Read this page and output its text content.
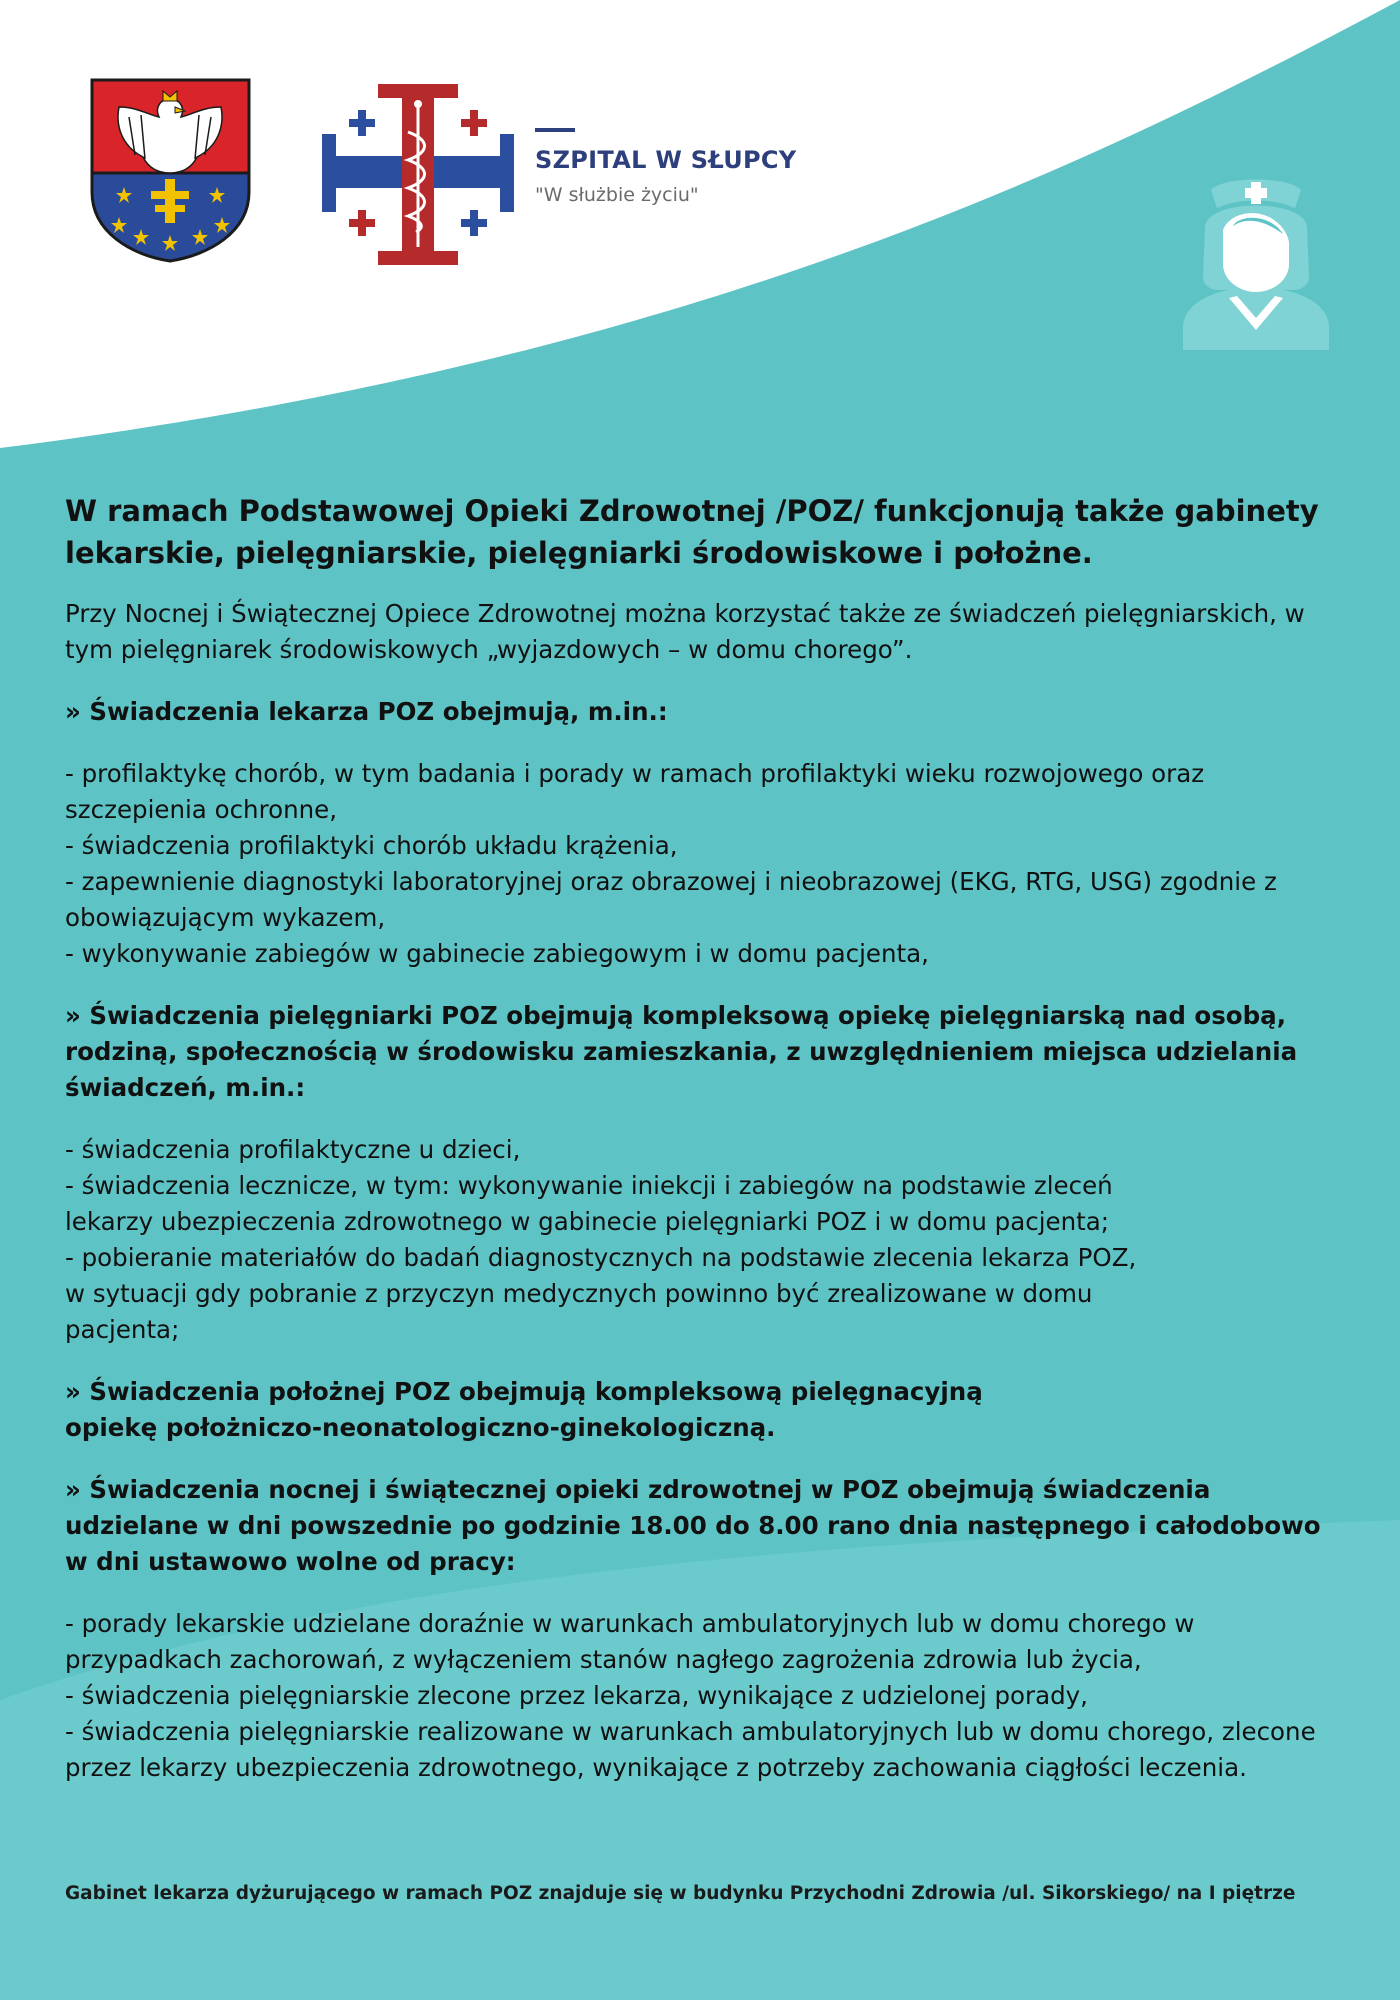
SZPITAL W SŁUPCY
"W służbie życiu"

W ramach Podstawowej Opieki Zdrowotnej /POZ/ funkcjonują także gabinety lekarskie, pielęgniarskie, pielęgniarki środowiskowe i położne.

Przy Nocnej i Świątecznej Opiece Zdrowotnej można korzystać także ze świadczeń pielęgniarskich, w tym pielęgniarek środowiskowych „wyjazdowych – w domu chorego”.

» Świadczenia lekarza POZ obejmują, m.in.:

- profilaktykę chorób, w tym badania i porady w ramach profilaktyki wieku rozwojowego oraz szczepienia ochronne,
- świadczenia profilaktyki chorób układu krążenia,
- zapewnienie diagnostyki laboratoryjnej oraz obrazowej i nieobrazowej (EKG, RTG, USG) zgodnie z obowiązującym wykazem,
- wykonywanie zabiegów w gabinecie zabiegowym i w domu pacjenta,

» Świadczenia pielęgniarki POZ obejmują kompleksową opiekę pielęgniarską nad osobą, rodziną, społecznością w środowisku zamieszkania, z uwzględnieniem miejsca udzielania świadczeń, m.in.:

- świadczenia profilaktyczne u dzieci,
- świadczenia lecznicze, w tym: wykonywanie iniekcji i zabiegów na podstawie zleceń lekarzy ubezpieczenia zdrowotnego w gabinecie pielęgniarki POZ i w domu pacjenta;
- pobieranie materiałów do badań diagnostycznych na podstawie zlecenia lekarza POZ, w sytuacji gdy pobranie z przyczyn medycznych powinno być zrealizowane w domu pacjenta;

» Świadczenia położnej POZ obejmują kompleksową pielęgnacyjną opiekę położniczo-neonatologiczno-ginekologiczną.

» Świadczenia nocnej i świątecznej opieki zdrowotnej w POZ obejmują świadczenia udzielane w dni powszednie po godzinie 18.00 do 8.00 rano dnia następnego i całodobowo w dni ustawowo wolne od pracy:

- porady lekarskie udzielane doraźnie w warunkach ambulatoryjnych lub w domu chorego w przypadkach zachorowań, z wyłączeniem stanów nagłego zagrożenia zdrowia lub życia,
- świadczenia pielęgniarskie zlecone przez lekarza, wynikające z udzielonej porady,
- świadczenia pielęgniarskie realizowane w warunkach ambulatoryjnych lub w domu chorego, zlecone przez lekarzy ubezpieczenia zdrowotnego, wynikające z potrzeby zachowania ciągłości leczenia.
Gabinet lekarza dyżurującego w ramach POZ znajduje się w budynku Przychodni Zdrowia /ul. Sikorskiego/ na I piętrze
